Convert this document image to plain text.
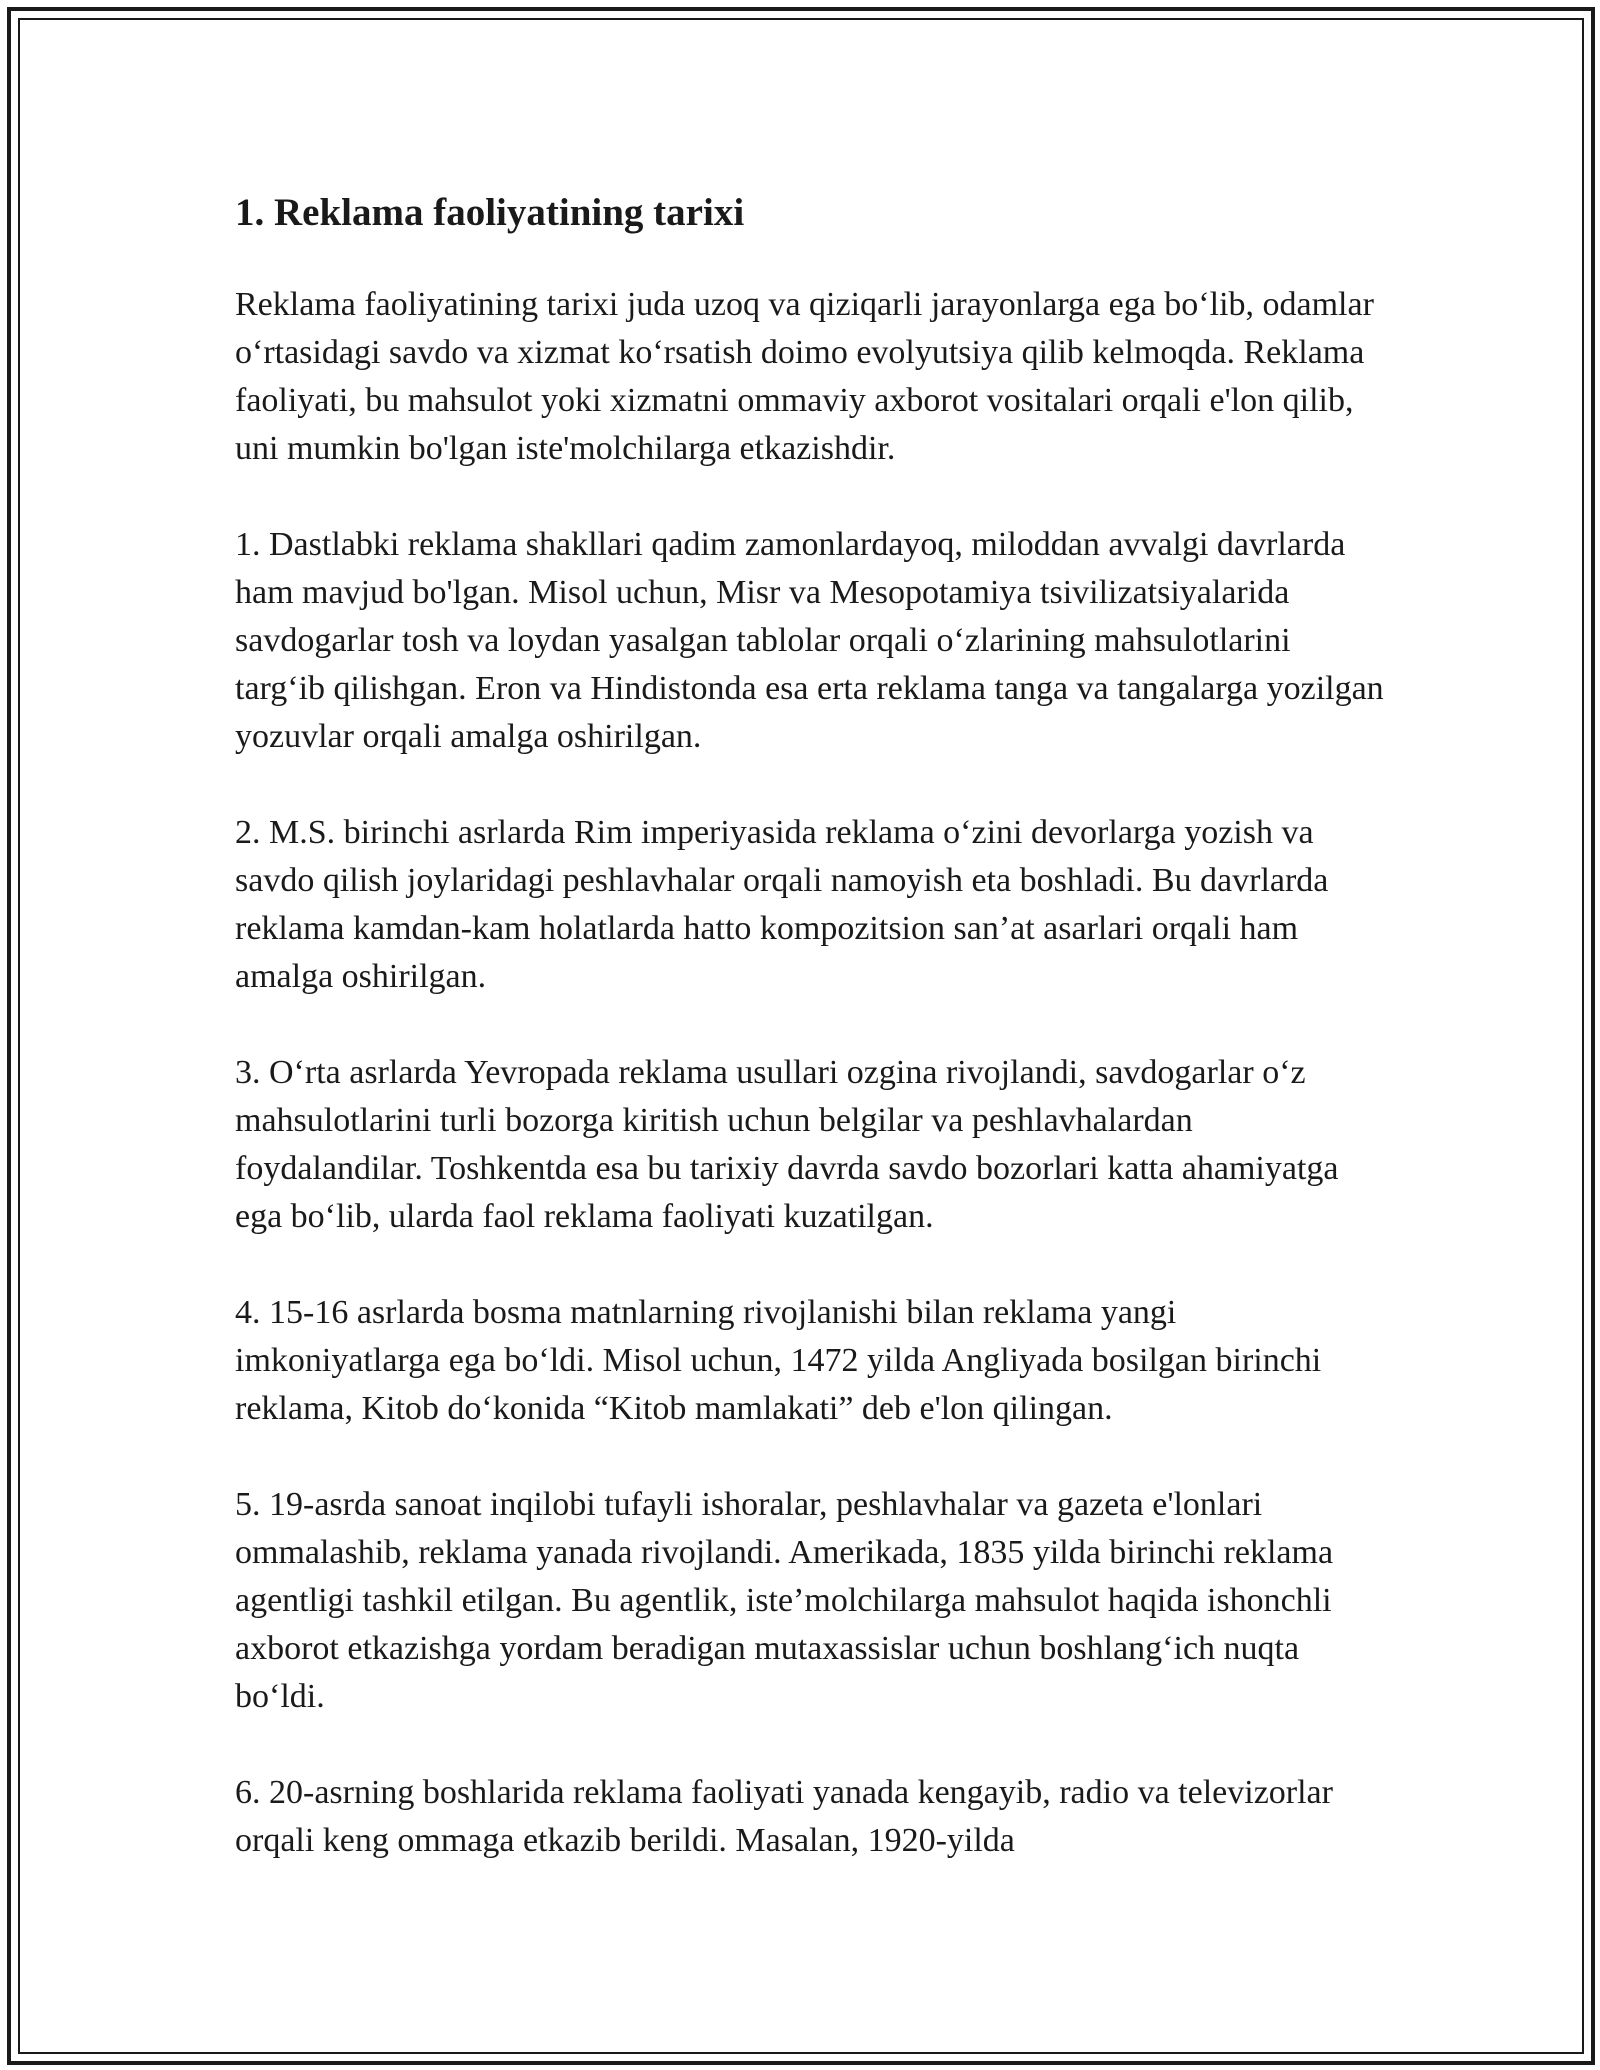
1. Reklama faoliyatining tarixi

Reklama faoliyatining tarixi juda uzoq va qiziqarli jarayonlarga ega boʻlib, odamlar oʻrtasidagi savdo va xizmat koʻrsatish doimo evolyutsiya qilib kelmoqda. Reklama faoliyati, bu mahsulot yoki xizmatni ommaviy axborot vositalari orqali e'lon qilib, uni mumkin bo'lgan iste'molchilarga etkazishdir.

1. Dastlabki reklama shakllari qadim zamonlardayoq, miloddan avvalgi davrlarda ham mavjud bo'lgan. Misol uchun, Misr va Mesopotamiya tsivilizatsiyalarida savdogarlar tosh va loydan yasalgan tablolar orqali oʻzlarining mahsulotlarini targʻib qilishgan. Eron va Hindistonda esa erta reklama tanga va tangalarga yozilgan yozuvlar orqali amalga oshirilgan.

2. M.S. birinchi asrlarda Rim imperiyasida reklama oʻzini devorlarga yozish va savdo qilish joylaridagi peshlavhalar orqali namoyish eta boshladi. Bu davrlarda reklama kamdan-kam holatlarda hatto kompozitsion san’at asarlari orqali ham amalga oshirilgan.

3. Oʻrta asrlarda Yevropada reklama usullari ozgina rivojlandi, savdogarlar oʻz mahsulotlarini turli bozorga kiritish uchun belgilar va peshlavhalardan foydalandilar. Toshkentda esa bu tarixiy davrda savdo bozorlari katta ahamiyatga ega boʻlib, ularda faol reklama faoliyati kuzatilgan.

4. 15-16 asrlarda bosma matnlarning rivojlanishi bilan reklama yangi imkoniyatlarga ega boʻldi. Misol uchun, 1472 yilda Angliyada bosilgan birinchi reklama, Kitob doʻkonida “Kitob mamlakati” deb e'lon qilingan.

5. 19-asrda sanoat inqilobi tufayli ishoralar, peshlavhalar va gazeta e'lonlari ommalashib, reklama yanada rivojlandi. Amerikada, 1835 yilda birinchi reklama agentligi tashkil etilgan. Bu agentlik, iste’molchilarga mahsulot haqida ishonchli axborot etkazishga yordam beradigan mutaxassislar uchun boshlangʻich nuqta boʻldi.

6. 20-asrning boshlarida reklama faoliyati yanada kengayib, radio va televizorlar orqali keng ommaga etkazib berildi. Masalan, 1920-yilda
